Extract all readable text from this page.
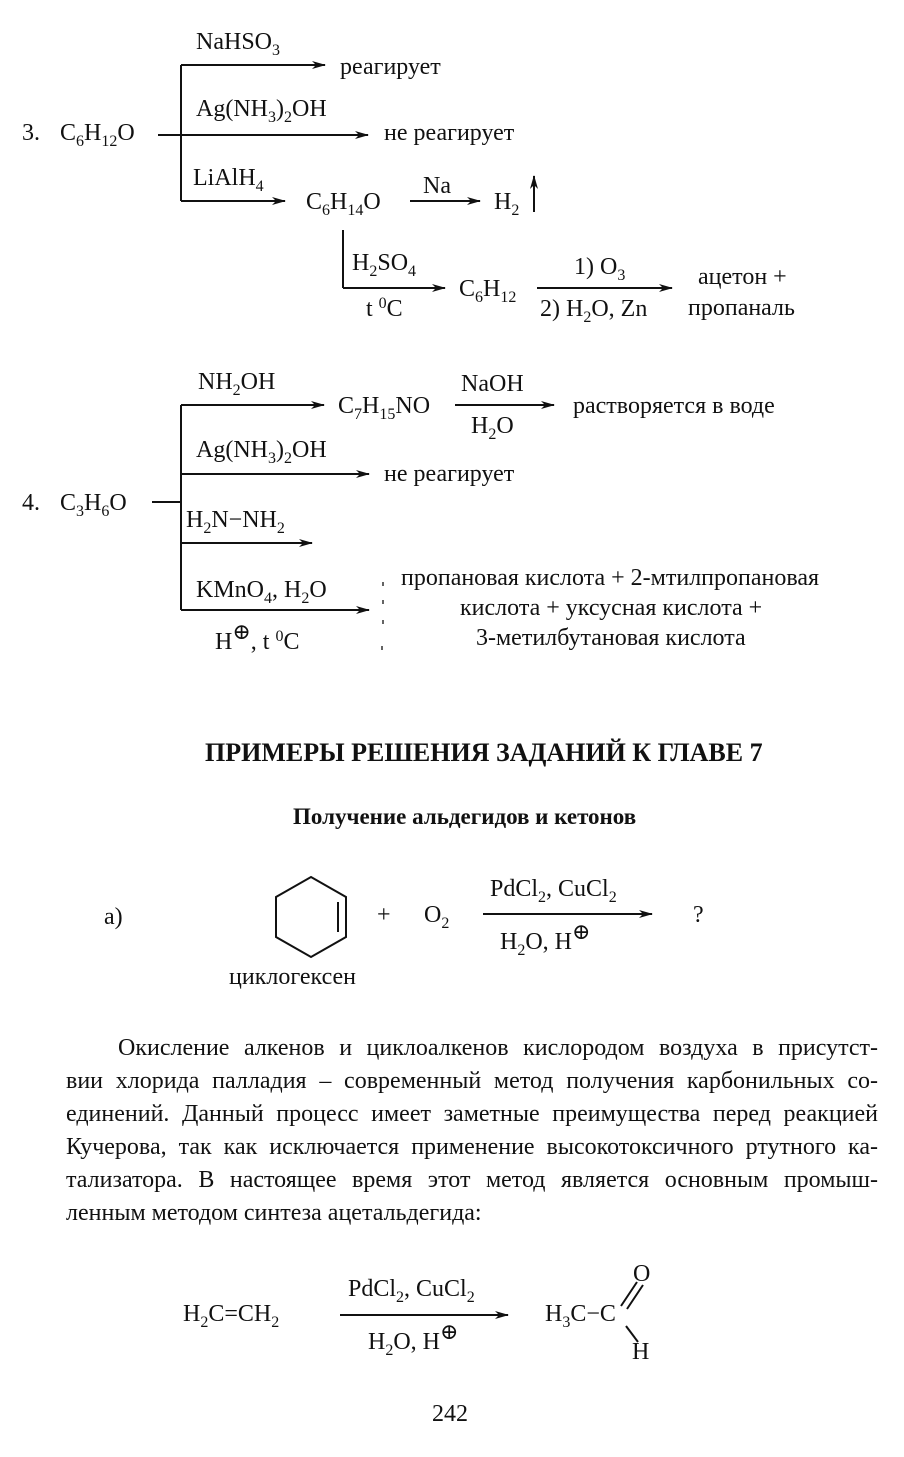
3. $C_6H_{12}O$
NaHSO$_3$
реагирует
$Ag(NH_3)_2OH$
не реагирует
LiAlH$_4$
$C_6H_{14}O$
Na
$H_2$
$H_2SO_4$
t $^0$C
$C_6H_{12}$
1) $O_3$
2) $H_2O$, Zn
ацетон +
пропаналь
4. $C_3H_6O$
$NH_2OH$
$C_7H_{15}NO$
NaOH
$H_2O$
растворяется в воде
$Ag(NH_3)_2OH$
не реагирует
$H_2N-NH_2$
KMnO$_4$, $H_2O$
H⊕, t $^0$C
пропановая кислота + 2-мтилпропановая
кислота + уксусная кислота +
3-метилбутановая кислота
ПРИМЕРЫ РЕШЕНИЯ ЗАДАНИЙ К ГЛАВЕ 7
Получение альдегидов и кетонов
а)
циклогексен
+ $O_2$
PdCl$_2$, CuCl$_2$
$H_2O$, H⊕
?
Окисление алкенов и циклоалкенов кислородом воздуха в присутст-
вии хлорида палладия – современный метод получения карбонильных со-
единений. Данный процесс имеет заметные преимущества перед реакцией
Кучерова, так как исключается применение высокотоксичного ртутного ка-
тализатора. В настоящее время этот метод является основным промыш-
ленным методом синтеза ацетальдегида:
$H_2C=CH_2$
PdCl$_2$, CuCl$_2$
$H_2O$, H⊕
$H_3C-C$
O
H
242
